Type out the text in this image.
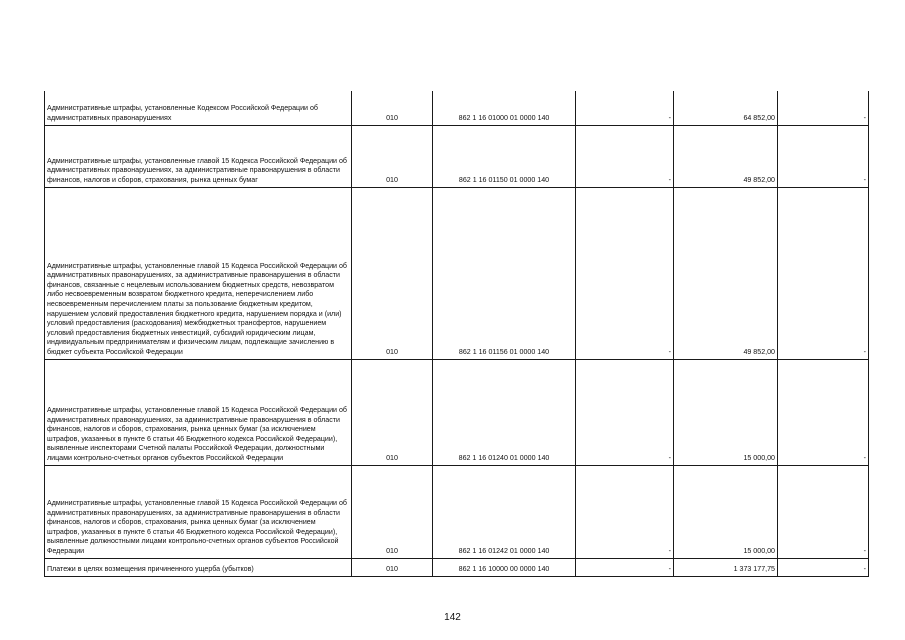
Административные штрафы, установленные Кодексом Российской Федерации об административных правонарушениях	010	862 1 16 01000 01 0000 140	-	64 852,00	-

Административные штрафы, установленные главой 15 Кодекса Российской Федерации об административных правонарушениях, за административные правонарушения в области финансов, налогов и сборов, страхования, рынка ценных бумаг	010	862 1 16 01150 01 0000 140	-	49 852,00	-

Административные штрафы, установленные главой 15 Кодекса Российской Федерации об административных правонарушениях, за административные правонарушения в области финансов, связанные с нецелевым использованием бюджетных средств, невозвратом либо несвоевременным возвратом бюджетного кредита, неперечислением либо несвоевременным перечислением платы за пользование бюджетным кредитом, нарушением условий предоставления бюджетного кредита, нарушением порядка и (или) условий предоставления (расходования) межбюджетных трансфертов, нарушением условий предоставления бюджетных инвестиций, субсидий юридическим лицам, индивидуальным предпринимателям и физическим лицам, подлежащие зачислению в бюджет субъекта Российской Федерации	010	862 1 16 01156 01 0000 140	-	49 852,00	-

Административные штрафы, установленные главой 15 Кодекса Российской Федерации об административных правонарушениях, за административные правонарушения в области финансов, налогов и сборов, страхования, рынка ценных бумаг (за исключением штрафов, указанных в пункте 6 статьи 46 Бюджетного кодекса Российской Федерации), выявленные инспекторами Счетной палаты Российской Федерации, должностными лицами контрольно-счетных органов субъектов Российской Федерации	010	862 1 16 01240 01 0000 140	-	15 000,00	-

Административные штрафы, установленные главой 15 Кодекса Российской Федерации об административных правонарушениях, за административные правонарушения в области финансов, налогов и сборов, страхования, рынка ценных бумаг (за исключением штрафов, указанных в пункте 6 статьи 46 Бюджетного кодекса Российской Федерации), выявленные должностными лицами контрольно-счетных органов субъектов Российской Федерации	010	862 1 16 01242 01 0000 140	-	15 000,00	-

Платежи в целях возмещения причиненного ущерба (убытков)	010	862 1 16 10000 00 0000 140	-	1 373 177,75	-
142
